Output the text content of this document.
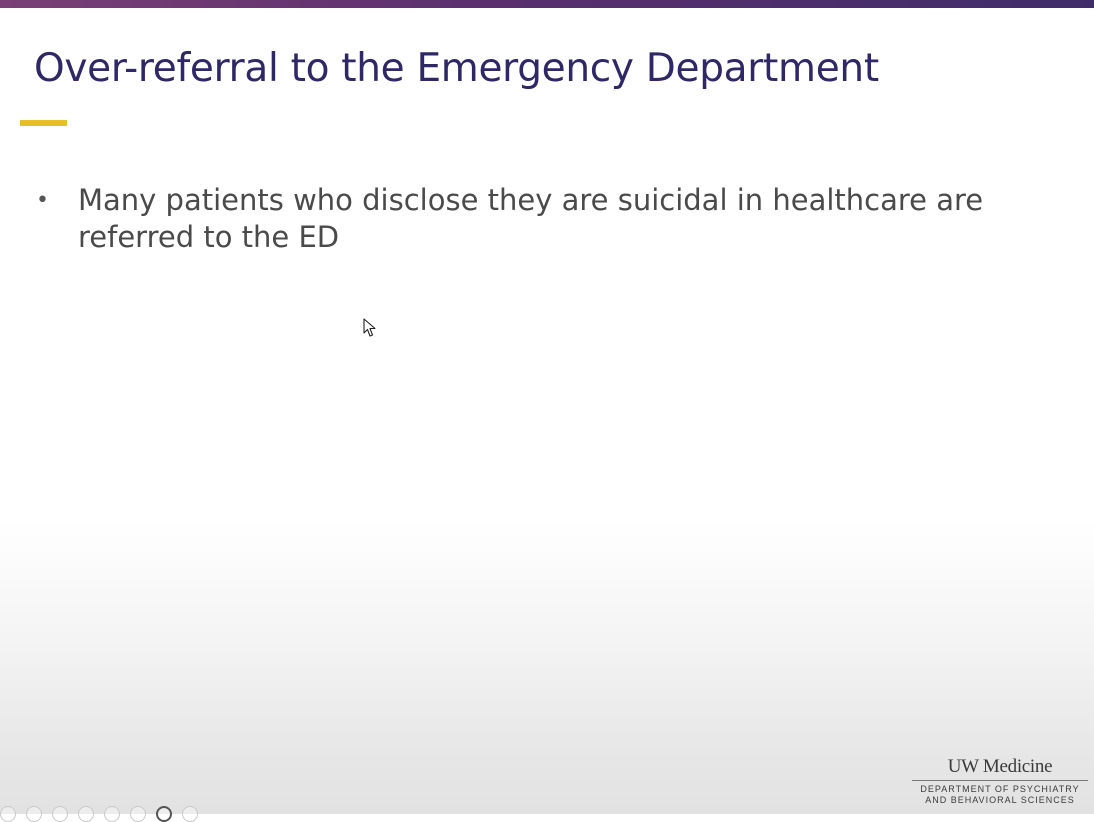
Over-referral to the Emergency Department
• Many patients who disclose they are suicidal in healthcare are referred to the ED
UW Medicine
DEPARTMENT OF PSYCHIATRY
AND BEHAVIORAL SCIENCES
